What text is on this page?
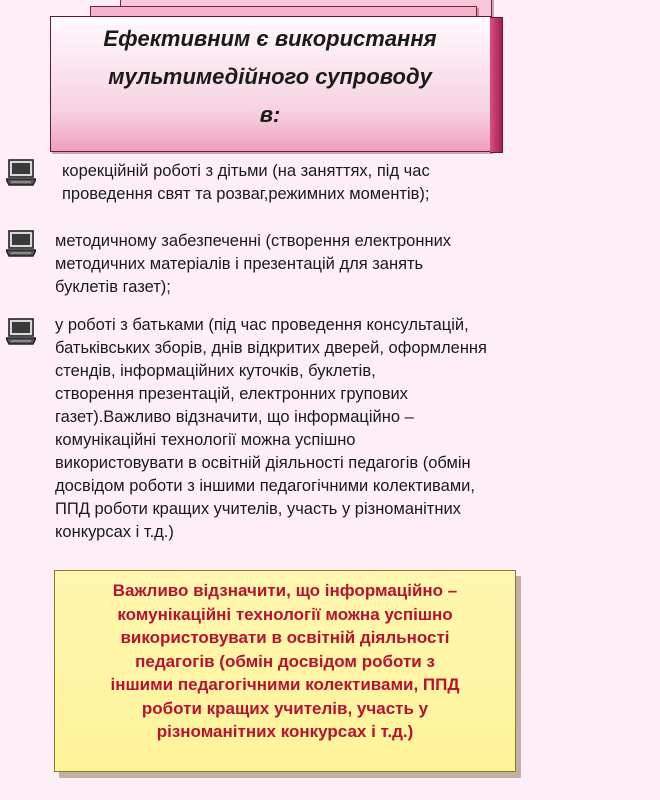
Ефективним є використання
мультимедійного супроводу
в:

корекційній роботі з дітьми (на заняттях, під час
проведення свят та розваг,режимних моментів);

методичному забезпеченні (створення електронних
методичних матеріалів і презентацій для занять
буклетів газет);

у роботі з батьками (під час проведення консультацій,
батьківських зборів, днів відкритих дверей, оформлення
стендів, інформаційних куточків, буклетів,
створення презентацій, електронних групових
газет).Важливо відзначити, що інформаційно –
комунікаційні технології можна успішно
використовувати в освітній діяльності педагогів (обмін
досвідом роботи з іншими педагогічними колективами,
ППД роботи кращих учителів, участь у різноманітних
конкурсах і т.д.)

Важливо відзначити, що інформаційно –
комунікаційні технології можна успішно
використовувати в освітній діяльності
педагогів (обмін досвідом роботи з
іншими педагогічними колективами, ППД
роботи кращих учителів, участь у
різноманітних конкурсах і т.д.)
